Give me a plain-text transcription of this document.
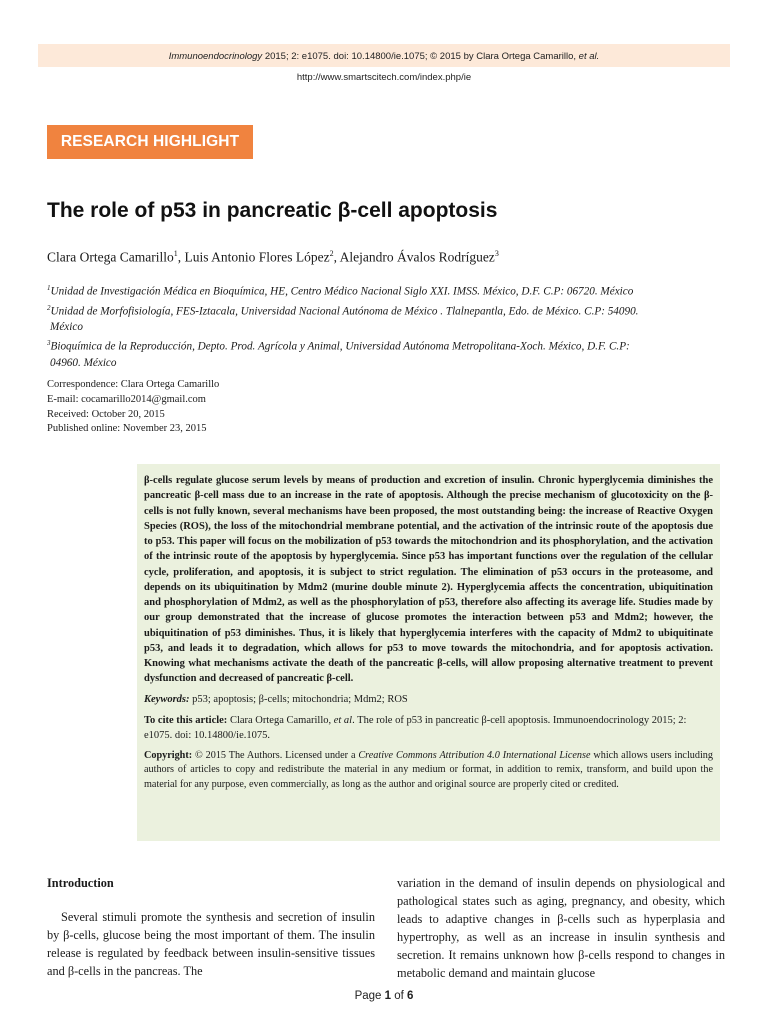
Immunoendocrinology 2015; 2: e1075. doi: 10.14800/ie.1075; © 2015 by Clara Ortega Camarillo, et al.
http://www.smartscitech.com/index.php/ie
RESEARCH HIGHLIGHT
The role of p53 in pancreatic β-cell apoptosis
Clara Ortega Camarillo$^1$, Luis Antonio Flores López$^2$, Alejandro Ávalos Rodríguez$^3$
$^1$Unidad de Investigación Médica en Bioquímica, HE, Centro Médico Nacional Siglo XXI. IMSS. México, D.F. C.P: 06720. México
$^2$Unidad de Morfofisiología, FES-Iztacala, Universidad Nacional Autónoma de México . Tlalnepantla, Edo. de México. C.P: 54090.
México
$^3$Bioquímica de la Reproducción, Depto. Prod. Agrícola y Animal, Universidad Autónoma Metropolitana-Xoch. México, D.F. C.P:
04960. México
Correspondence: Clara Ortega Camarillo
E-mail: cocamarillo2014@gmail.com
Received: October 20, 2015
Published online: November 23, 2015

β-cells regulate glucose serum levels by means of production and excretion of insulin. Chronic hyperglycemia diminishes the pancreatic β-cell mass due to an increase in the rate of apoptosis. Although the precise mechanism of glucotoxicity on the β-cells is not fully known, several mechanisms have been proposed, the most outstanding being: the increase of Reactive Oxygen Species (ROS), the loss of the mitochondrial membrane potential, and the activation of the intrinsic route of the apoptosis due to p53. This paper will focus on the mobilization of p53 towards the mitochondrion and its phosphorylation, and the activation of the intrinsic route of the apoptosis by hyperglycemia. Since p53 has important functions over the regulation of the cellular cycle, proliferation, and apoptosis, it is subject to strict regulation. The elimination of p53 occurs in the proteasome, and depends on its ubiquitination by Mdm2 (murine double minute 2). Hyperglycemia affects the concentration, ubiquitination and phosphorylation of Mdm2, as well as the phosphorylation of p53, therefore also affecting its average life. Studies made by our group demonstrated that the increase of glucose promotes the interaction between p53 and Mdm2; however, the ubiquitination of p53 diminishes. Thus, it is likely that hyperglycemia interferes with the capacity of Mdm2 to ubiquitinate p53, and leads it to degradation, which allows for p53 to move towards the mitochondria, and for apoptosis activation. Knowing what mechanisms activate the death of the pancreatic β-cells, will allow proposing alternative treatment to prevent dysfunction and decreased of pancreatic β-cell.

Keywords: p53; apoptosis; β-cells; mitochondria; Mdm2; ROS
To cite this article: Clara Ortega Camarillo, et al. The role of p53 in pancreatic β-cell apoptosis. Immunoendocrinology 2015; 2: e1075. doi: 10.14800/ie.1075.
Copyright: © 2015 The Authors. Licensed under a Creative Commons Attribution 4.0 International License which allows users including authors of articles to copy and redistribute the material in any medium or format, in addition to remix, transform, and build upon the material for any purpose, even commercially, as long as the author and original source are properly cited or credited.
Introduction

Several stimuli promote the synthesis and secretion of insulin by β-cells, glucose being the most important of them. The insulin release is regulated by feedback between insulin-sensitive tissues and β-cells in the pancreas. The

variation in the demand of insulin depends on physiological and pathological states such as aging, pregnancy, and obesity, which leads to adaptive changes in β-cells such as hyperplasia and hypertrophy, as well as an increase in insulin synthesis and secretion. It remains unknown how β-cells respond to changes in metabolic demand and maintain glucose

Page 1 of 6
